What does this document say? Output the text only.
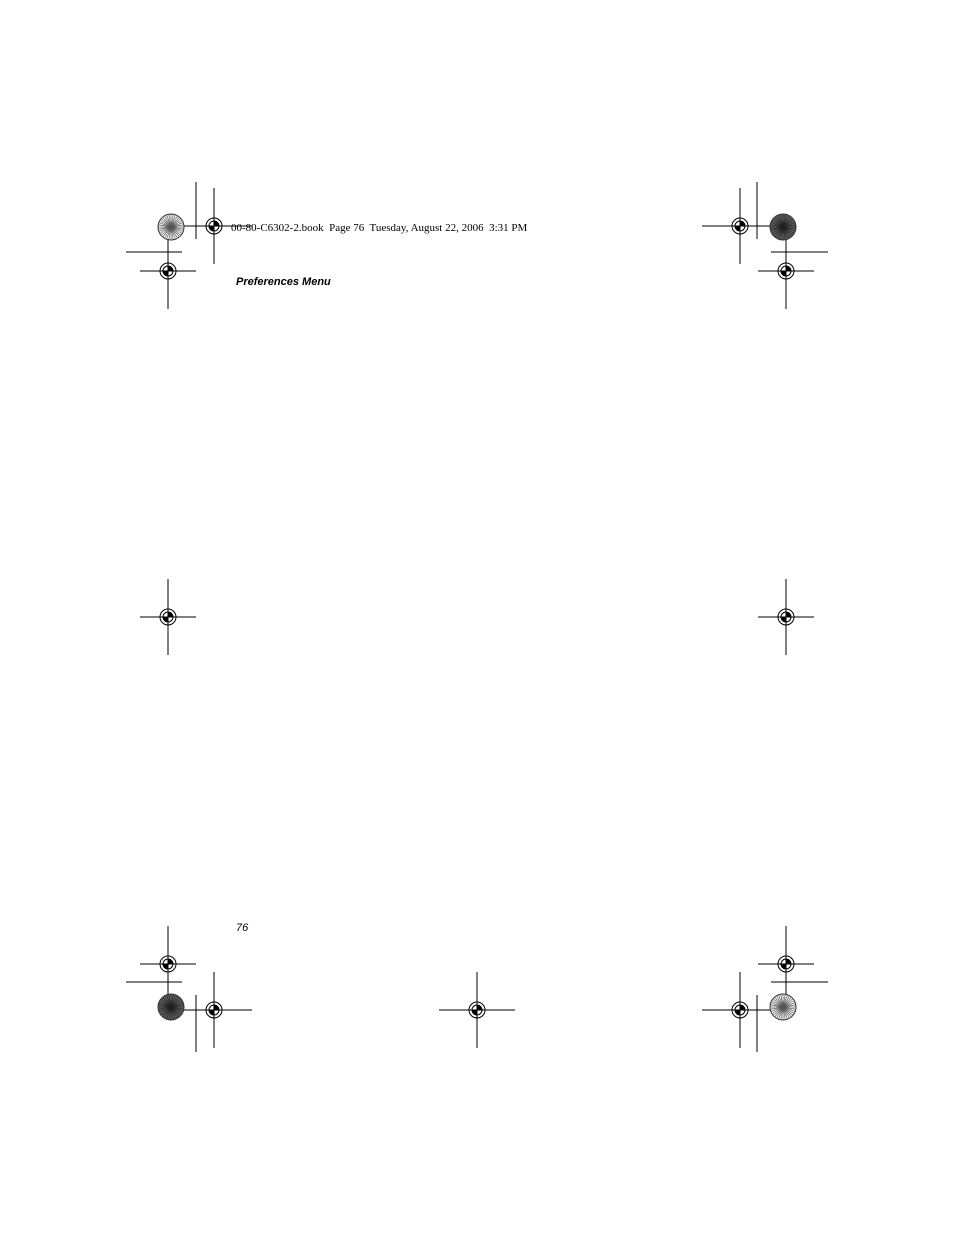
00-80-C6302-2.book  Page 76  Tuesday, August 22, 2006  3:31 PM
Preferences Menu
76
